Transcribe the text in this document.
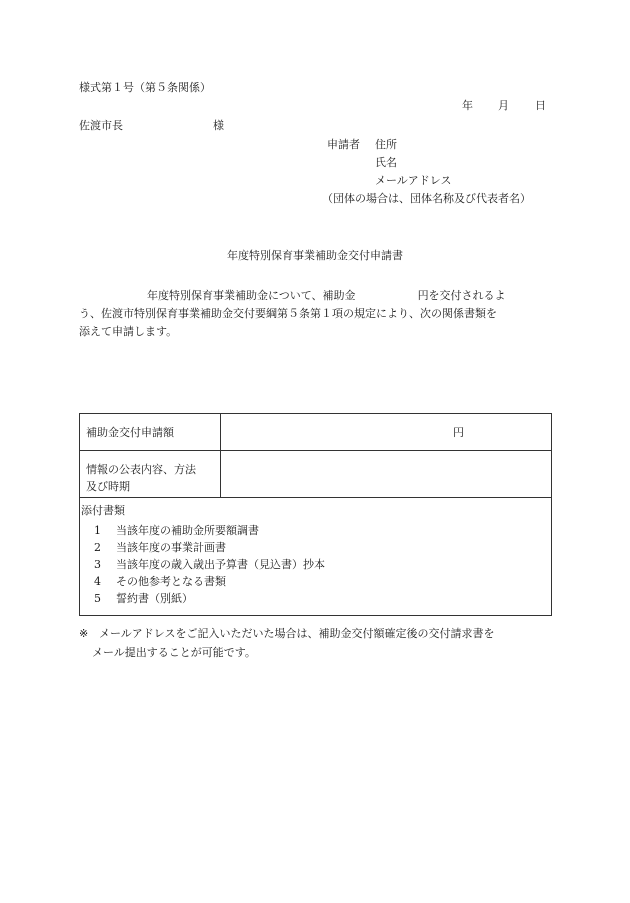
様式第１号（第５条関係）
年 月 日
佐渡市長	様
申請者 住所
氏名
メールアドレス
（団体の場合は、団体名称及び代表者名）
年度特別保育事業補助金交付申請書
年度特別保育事業補助金について、補助金	円を交付されるよ
う、佐渡市特別保育事業補助金交付要綱第５条第１項の規定により、次の関係書類を
添えて申請します。
補助金交付申請額	円
情報の公表内容、方法
及び時期
添付書類
1 当該年度の補助金所要額調書
2 当該年度の事業計画書
3 当該年度の歳入歳出予算書（見込書）抄本
4 その他参考となる書類
5 誓約書（別紙）
※ メールアドレスをご記入いただいた場合は、補助金交付額確定後の交付請求書を
メール提出することが可能です。
